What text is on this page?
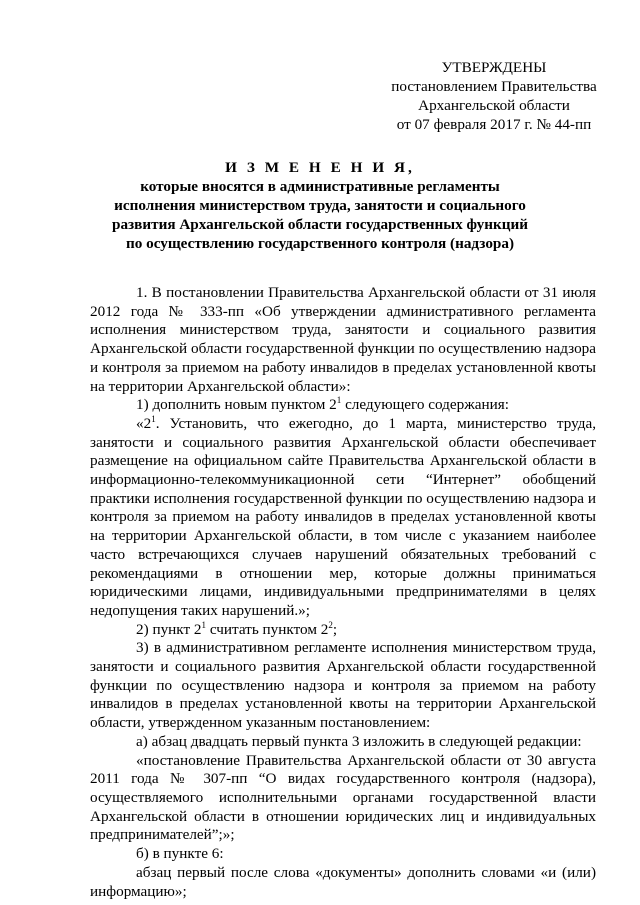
УТВЕРЖДЕНЫ
постановлением Правительства
Архангельской области
от 07 февраля 2017 г. № 44-пп
И З М Е Н Е Н И Я,
которые вносятся в административные регламенты
исполнения министерством труда, занятости и социального
развития Архангельской области государственных функций
по осуществлению государственного контроля (надзора)

1. В постановлении Правительства Архангельской области от 31 июля 2012 года № 333-пп «Об утверждении административного регламента исполнения министерством труда, занятости и социального развития Архангельской области государственной функции по осуществлению надзора и контроля за приемом на работу инвалидов в пределах установленной квоты на территории Архангельской области»:

1) дополнить новым пунктом $2^1$ следующего содержания:

«$2^1$. Установить, что ежегодно, до 1 марта, министерство труда, занятости и социального развития Архангельской области обеспечивает размещение на официальном сайте Правительства Архангельской области в информационно-телекоммуникационной сети “Интернет” обобщений практики исполнения государственной функции по осуществлению надзора и контроля за приемом на работу инвалидов в пределах установленной квоты на территории Архангельской области, в том числе с указанием наиболее часто встречающихся случаев нарушений обязательных требований с рекомендациями в отношении мер, которые должны приниматься юридическими лицами, индивидуальными предпринимателями в целях недопущения таких нарушений.»;

2) пункт $2^1$ считать пунктом $2^2$;

3) в административном регламенте исполнения министерством труда, занятости и социального развития Архангельской области государственной функции по осуществлению надзора и контроля за приемом на работу инвалидов в пределах установленной квоты на территории Архангельской области, утвержденном указанным постановлением:

а) абзац двадцать первый пункта 3 изложить в следующей редакции:

«постановление Правительства Архангельской области от 30 августа 2011 года № 307-пп “О видах государственного контроля (надзора), осуществляемого исполнительными органами государственной власти Архангельской области в отношении юридических лиц и индивидуальных предпринимателей”;»;

б) в пункте 6:

абзац первый после слова «документы» дополнить словами «и (или) информацию»;
